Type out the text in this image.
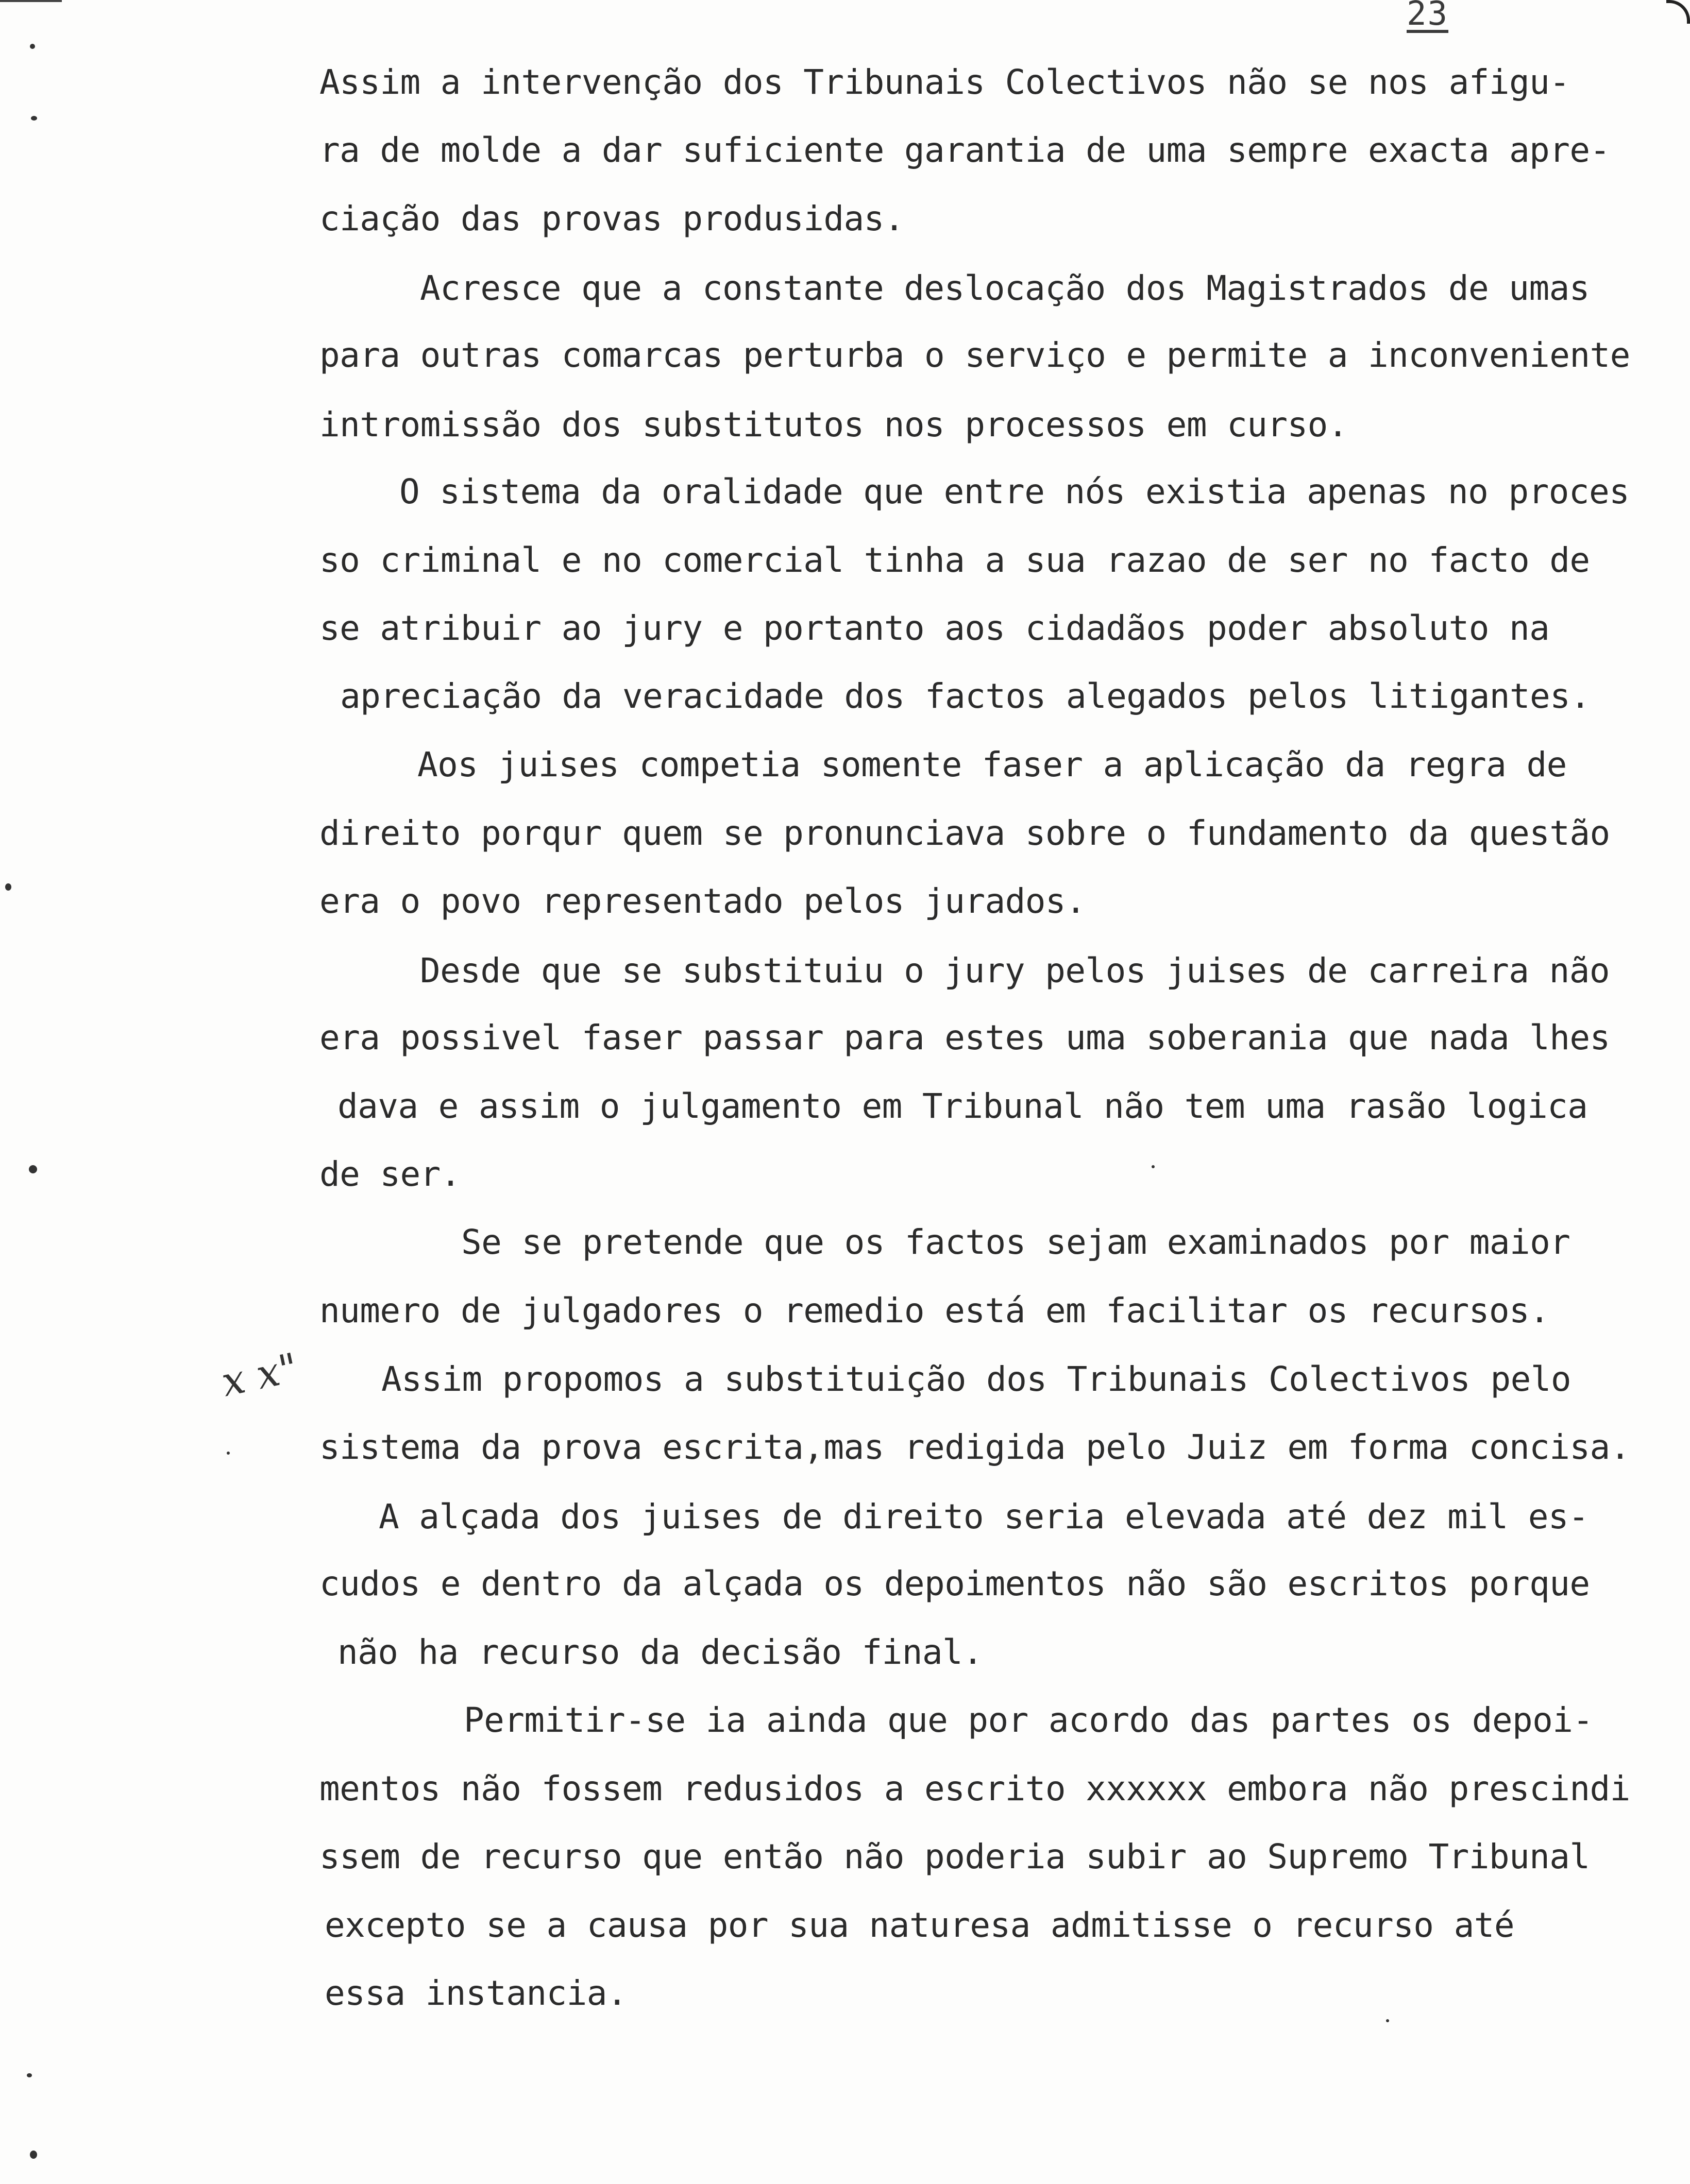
23
Assim a intervenção dos Tribunais Colectivos não se nos afigu-
ra de molde a dar suficiente garantia de uma sempre exacta apre-
ciação das provas produsidas.
Acresce que a constante deslocação dos Magistrados de umas
para outras comarcas perturba o serviço e permite a inconveniente
intromissão dos substitutos nos processos em curso.
O sistema da oralidade que entre nós existia apenas no proces
so criminal e no comercial tinha a sua razao de ser no facto de
se atribuir ao jury e portanto aos cidadãos poder absoluto na
apreciação da veracidade dos factos alegados pelos litigantes.
Aos juises competia somente faser a aplicação da regra de
direito porqur quem se pronunciava sobre o fundamento da questão
era o povo representado pelos jurados.
Desde que se substituiu o jury pelos juises de carreira não
era possivel faser passar para estes uma soberania que nada lhes
dava e assim o julgamento em Tribunal não tem uma rasão logica
de ser.
Se se pretende que os factos sejam examinados por maior
numero de julgadores o remedio está em facilitar os recursos.
Assim propomos a substituição dos Tribunais Colectivos pelo
sistema da prova escrita,mas redigida pelo Juiz em forma concisa.
A alçada dos juises de direito seria elevada até dez mil es-
cudos e dentro da alçada os depoimentos não são escritos porque
não ha recurso da decisão final.
Permitir-se ia ainda que por acordo das partes os depoi-
mentos não fossem redusidos a escrito xxxxxx embora não prescindi
ssem de recurso que então não poderia subir ao Supremo Tribunal
excepto se a causa por sua naturesa admitisse o recurso até
essa instancia.
x x"
